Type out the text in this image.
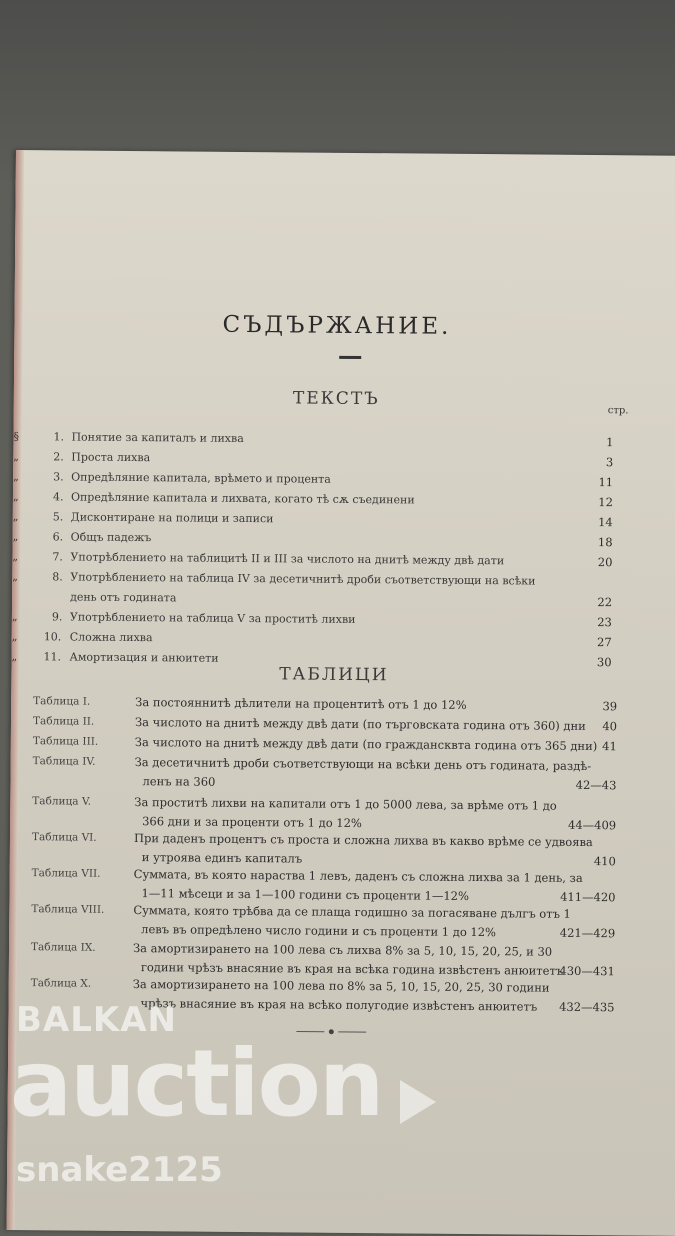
СЪДЪРЖАНИЕ.
ТЕКСТЪ
стр.
§	1. Понятие за капиталъ и лихва	1
„	2. Проста лихва	3
„	3. Опредѣляние капитала, врѣмето и процента	11
„	4. Опредѣляние капитала и лихвата, когато тѣ сѫ съединени	12
„	5. Дисконтиране на полици и записи	14
„	6. Общъ падежъ	18
„	7. Употрѣблението на таблицитѣ II и III за числото на днитѣ между двѣ дати	20
„	8. Употрѣблението на таблица IV за десетичнитѣ дроби съответствующи на всѣки
день отъ годината	22
„	9. Употрѣблението на таблица V за проститѣ лихви	23
„ 10. Сложна лихва	27
„ 11. Амортизация и анюитети	30
ТАБЛИЦИ
Таблица I.	За постояннитѣ дѣлители на процентитѣ отъ 1 до 12%	39
Таблица II.	За числото на днитѣ между двѣ дати (по търговската година отъ 360) дни	40
Таблица III.	За числото на днитѣ между двѣ дати (по граждансквта година отъ 365 дни) 41
Таблица IV.	За десетичнитѣ дроби съответствующи на всѣки день отъ годината, раздѣ-
ленъ на 360	42—43
Таблица V.	За проститѣ лихви на капитали отъ 1 до 5000 лева, за врѣме отъ 1 до
366 дни и за проценти отъ 1 до 12%	44—409
Таблица VI.	При даденъ процентъ съ проста и сложна лихва въ какво врѣме се удвоява
и утроява единъ капиталъ	410
Таблица VII.	Суммата, въ която нараства 1 левъ, даденъ съ сложна лихва за 1 день, за
1—11 мѣсеци и за 1—100 години съ проценти 1—12%	411—420
Таблица VIII.	Суммата, която трѣбва да се плаща годишно за погасяване дългъ отъ 1
левъ въ опредѣлено число години и съ проценти 1 до 12%	421—429
Таблица IX.	За амортизирането на 100 лева съ лихва 8% за 5, 10, 15, 20, 25, и 30
години чрѣзъ внасяние въ края на всѣка година извѣстенъ анюитетъ
430—431
Таблица X.	За амортизирането на 100 лева по 8% за 5, 10, 15, 20, 25, 30 години
чрѣзъ внасяние въ края на всѣко полугодие извѣстенъ анюитетъ 432—435
BALKAN
auction
snake2125
